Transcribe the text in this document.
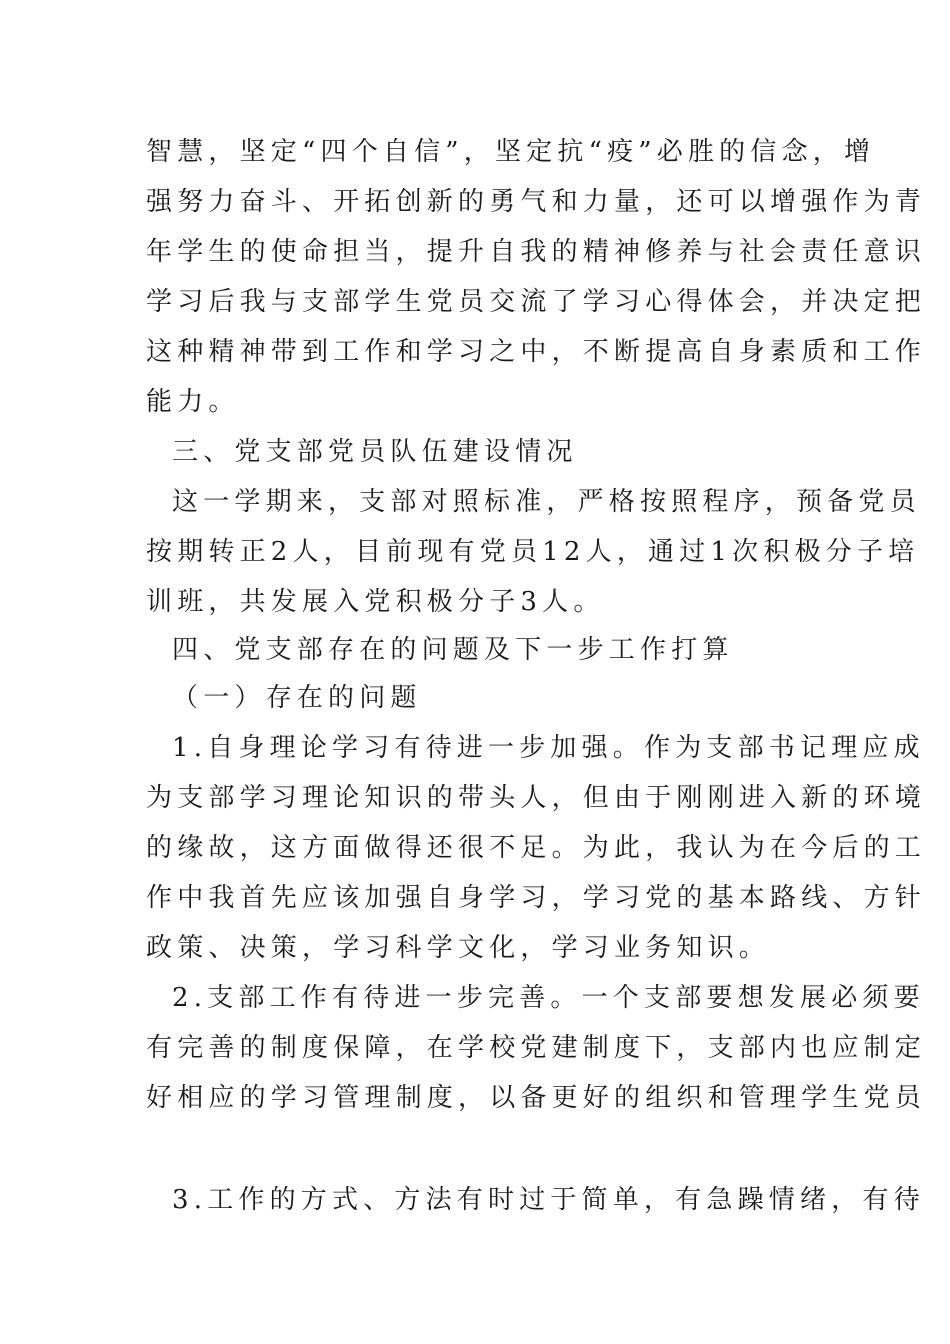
智慧，坚定“四个自信”，坚定抗“疫”必胜的信念，增
强努力奋斗、开拓创新的勇气和力量，还可以增强作为青
年学生的使命担当，提升自我的精神修养与社会责任意识
学习后我与支部学生党员交流了学习心得体会，并决定把
这种精神带到工作和学习之中，不断提高自身素质和工作
能力。
三、党支部党员队伍建设情况
这一学期来，支部对照标准，严格按照程序，预备党员
按期转正2人，目前现有党员12人，通过1次积极分子培
训班，共发展入党积极分子3人。
四、党支部存在的问题及下一步工作打算
（一）存在的问题
1.自身理论学习有待进一步加强。作为支部书记理应成
为支部学习理论知识的带头人，但由于刚刚进入新的环境
的缘故，这方面做得还很不足。为此，我认为在今后的工
作中我首先应该加强自身学习，学习党的基本路线、方针
政策、决策，学习科学文化，学习业务知识。
2.支部工作有待进一步完善。一个支部要想发展必须要
有完善的制度保障，在学校党建制度下，支部内也应制定
好相应的学习管理制度，以备更好的组织和管理学生党员
3.工作的方式、方法有时过于简单，有急躁情绪，有待
